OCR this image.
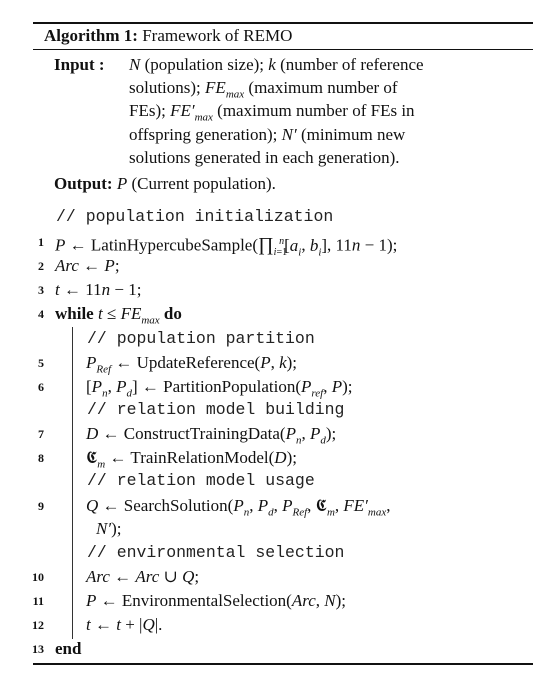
Algorithm 1: Framework of REMO
Input : N (population size); k (number of reference
solutions); $FE_{max}$ (maximum number of
FEs); $FE'_{max}$ (maximum number of FEs in
offspring generation); N′ (minimum new
solutions generated in each generation).
Output: P (Current population).
// population initialization
1 P ← $LatinHypercubeSample(\prod_{i=1}^n[a_i$, $b_i$], 11n − 1);
2 Arc ← P;
3 t ← 11n − 1;
4 while $t \le FE_{max}$ do
// population partition
5 $P_{Ref}$ ← UpdateReference(P, k);
6 [$P_n$, $P_d$] ← $PartitionPopulation(P_{ref}$, P);
// relation model building
7 D ← $ConstructTrainingData(P_n$, $P_d$);
8 𝕮$_m$ ← TrainRelationModel(D);
// relation model usage
9 Q ← $SearchSolution(P_n$, $P_d$, $P_{Ref}$, 𝕮$_m$, $FE'_{max}$,
N′);
// environmental selection
10 Arc ← Arc ∪ Q;
11 P ← EnvironmentalSelection(Arc, N);
12 t ← t + |Q|.
13 end
